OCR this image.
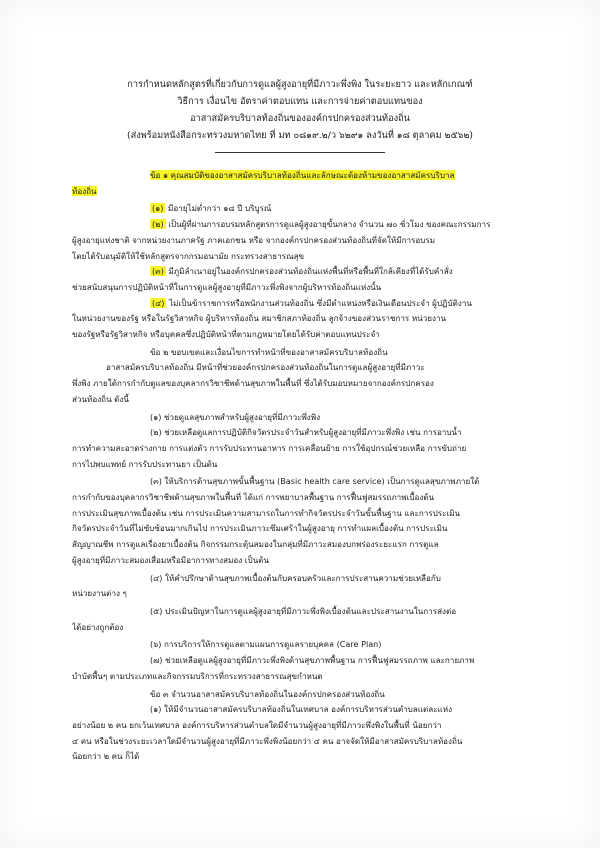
การกำหนดหลักสูตรที่เกี่ยวกับการดูแลผู้สูงอายุที่มีภาวะพึ่งพิง ในระยะยาว และหลักเกณฑ์

วิธีการ เงื่อนไข อัตราค่าตอบแทน และการจ่ายค่าตอบแทนของ

อาสาสมัครบริบาลท้องถิ่นขององค์กรปกครองส่วนท้องถิ่น

(ส่งพร้อมหนังสือกระทรวงมหาดไทย ที่ มท ๐๘๑๙.๒/ว ๖๒๙๑ ลงวันที่ ๑๘ ตุลาคม ๒๕๖๒)

ข้อ ๑ คุณสมบัติของอาสาสมัครบริบาลท้องถิ่นและลักษณะต้องห้ามของอาสาสมัครบริบาล

ท้องถิ่น

(๑) มีอายุไม่ต่ำกว่า ๑๘ ปี บริบูรณ์

(๒) เป็นผู้ที่ผ่านการอบรมหลักสูตรการดูแลผู้สูงอายุขั้นกลาง จำนวน ๗๐ ชั่วโมง ของคณะกรรมการ

ผู้สูงอายุแห่งชาติ จากหน่วยงานภาครัฐ ภาคเอกชน หรือ จากองค์กรปกครองส่วนท้องถิ่นที่จัดให้มีการอบรม

โดยได้รับอนุมัติให้ใช้หลักสูตรจากกรมอนามัย กระทรวงสาธารณสุข

(๓) มีภูมิลำเนาอยู่ในองค์กรปกครองส่วนท้องถิ่นแห่งพื้นที่หรือพื้นที่ใกล้เคียงที่ได้รับคำสั่ง

ช่วยสนับสนุนการปฏิบัติหน้าที่ในการดูแลผู้สูงอายุที่มีภาวะพึ่งพิงจากผู้บริหารท้องถิ่นแห่งนั้น

(๔) ไม่เป็นข้าราชการหรือพนักงานส่วนท้องถิ่น ซึ่งมีตำแหน่งหรือเงินเดือนประจำ ผู้ปฏิบัติงาน

ในหน่วยงานของรัฐ หรือในรัฐวิสาหกิจ ผู้บริหารท้องถิ่น สมาชิกสภาท้องถิ่น ลูกจ้างของส่วนราชการ หน่วยงาน

ของรัฐหรือรัฐวิสาหกิจ หรือบุคคลซึ่งปฏิบัติหน้าที่ตามกฎหมายโดยได้รับค่าตอบแทนประจำ

ข้อ ๒ ขอบเขตและเงื่อนไขการทำหน้าที่ของอาสาสมัครบริบาลท้องถิ่น

อาสาสมัครบริบาลท้องถิ่น มีหน้าที่ช่วยองค์กรปกครองส่วนท้องถิ่นในการดูแลผู้สูงอายุที่มีภาวะ

พึ่งพิง ภายใต้การกำกับดูแลของบุคลากรวิชาชีพด้านสุขภาพในพื้นที่ ซึ่งได้รับมอบหมายจากองค์กรปกครอง

ส่วนท้องถิ่น ดังนี้

(๑) ช่วยดูแลสุขภาพสำหรับผู้สูงอายุที่มีภาวะพึ่งพิง

(๒) ช่วยเหลือดูแลการปฏิบัติกิจวัตรประจำวันสำหรับผู้สูงอายุที่มีภาวะพึ่งพิง เช่น การอาบน้ำ

การทำความสะอาดร่างกาย การแต่งตัว การรับประทานอาหาร การเคลื่อนย้าย การใช้อุปกรณ์ช่วยเหลือ การขับถ่าย

การไปพบแพทย์ การรับประทานยา เป็นต้น

(๓) ให้บริการด้านสุขภาพขั้นพื้นฐาน (Basic health care service) เป็นการดูแลสุขภาพภายใต้

การกำกับของบุคลากรวิชาชีพด้านสุขภาพในพื้นที่ ได้แก่ การพยาบาลพื้นฐาน การฟื้นฟูสมรรถภาพเบื้องต้น

การประเมินสุขภาพเบื้องต้น เช่น การประเมินความสามารถในการทำกิจวัตรประจำวันขั้นพื้นฐาน และการประเมิน

กิจวัตรประจำวันที่ไม่ซับซ้อนมากเกินไป การประเมินภาวะซึมเศร้าในผู้สูงอายุ การทำแผลเบื้องต้น การประเมิน

สัญญาณชีพ การดูแลเรื่องยาเบื้องต้น กิจกรรมกระตุ้นสมองในกลุ่มที่มีภาวะสมองบกพร่องระยะแรก การดูแล

ผู้สูงอายุที่มีภาวะสมองเสื่อมหรือมีอาการทางสมอง เป็นต้น

(๔) ให้คำปรึกษาด้านสุขภาพเบื้องต้นกับครอบครัวและการประสานความช่วยเหลือกับ

หน่วยงานต่าง ๆ

(๕) ประเมินปัญหาในการดูแลผู้สูงอายุที่มีภาวะพึ่งพิงเบื้องต้นและประสานงานในการส่งต่อ

ได้อย่างถูกต้อง

(๖) การบริการให้การดูแลตามแผนการดูแลรายบุคคล (Care Plan)

(๗) ช่วยเหลือดูแลผู้สูงอายุที่มีภาวะพึ่งพิงด้านสุขภาพพื้นฐาน การฟื้นฟูสมรรถภาพ และกายภาพ

บำบัดพื้นๆ ตามประเภทและกิจกรรมบริการที่กระทรวงสาธารณสุขกำหนด

ข้อ ๓ จำนวนอาสาสมัครบริบาลท้องถิ่นในองค์กรปกครองส่วนท้องถิ่น

(๑) ให้มีจำนวนอาสาสมัครบริบาลท้องถิ่นในเทศบาล องค์การบริหารส่วนตำบลแต่ละแห่ง

อย่างน้อย ๒ คน ยกเว้นเทศบาล องค์การบริหารส่วนตำบลใดมีจำนวนผู้สูงอายุที่มีภาวะพึ่งพิงในพื้นที่ น้อยกว่า

๔ คน หรือในช่วงระยะเวลาใดมีจำนวนผู้สูงอายุที่มีภาวะพึ่งพิงน้อยกว่า ๔ คน อาจจัดให้มีอาสาสมัครบริบาลท้องถิ่น

น้อยกว่า ๒ คน ก็ได้
